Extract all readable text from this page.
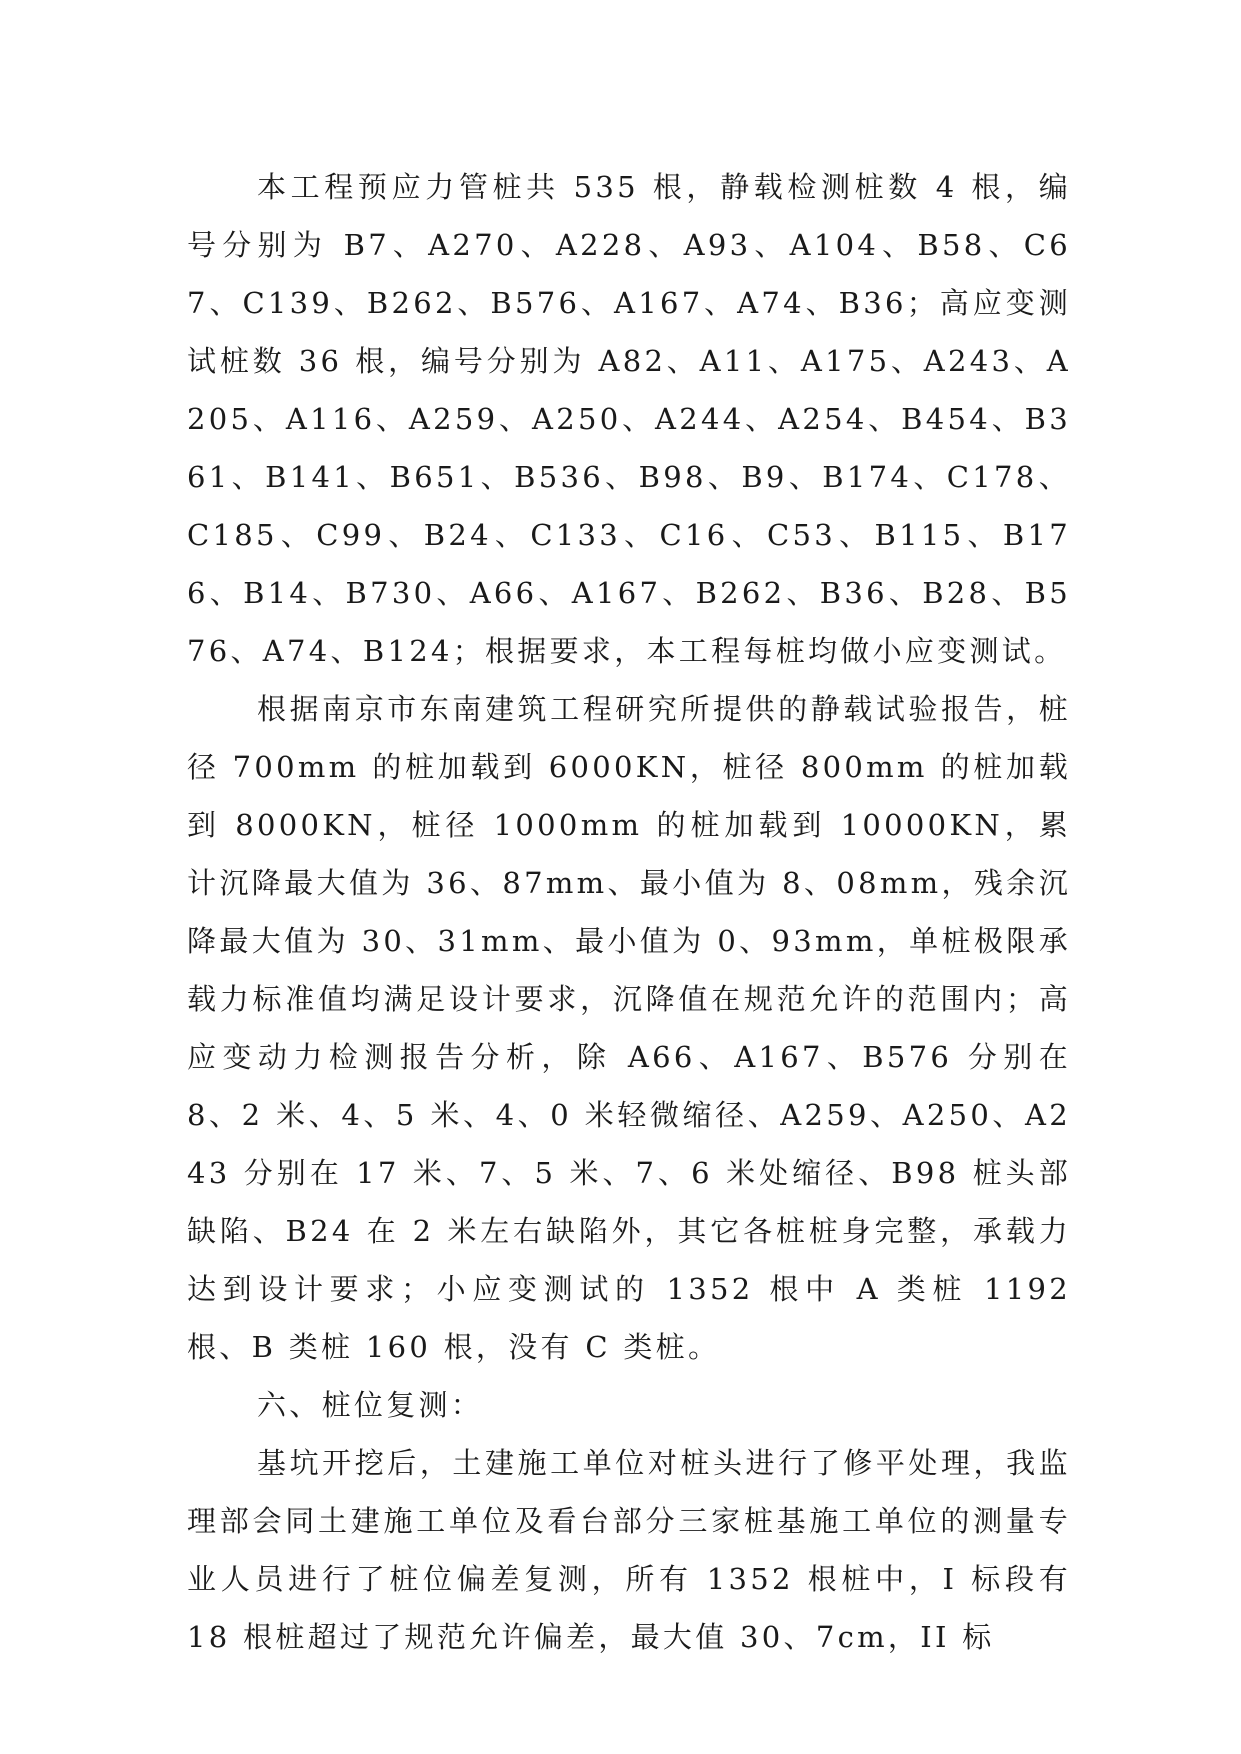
本工程预应力管桩共 535 根，静载检测桩数 4 根，编号分别为 B7、A270、A228、A93、A104、B58、C67、C139、B262、B576、A167、A74、B36；高应变测试桩数 36 根，编号分别为 A82、A11、A175、A243、A205、A116、A259、A250、A244、A254、B454、B361、B141、B651、B536、B98、B9、B174、C178、C185、C99、B24、C133、C16、C53、B115、B176、B14、B730、A66、A167、B262、B36、B28、B576、A74、B124；根据要求，本工程每桩均做小应变测试。

根据南京市东南建筑工程研究所提供的静载试验报告，桩径 700mm 的桩加载到 6000KN，桩径 800mm 的桩加载到 8000KN，桩径 1000mm 的桩加载到 10000KN，累计沉降最大值为 36、87mm、最小值为 8、08mm，残余沉降最大值为 30、31mm、最小值为 0、93mm，单桩极限承载力标准值均满足设计要求，沉降值在规范允许的范围内；高应变动力检测报告分析，除 A66、A167、B576 分别在 8、2 米、4、5 米、4、0 米轻微缩径、A259、A250、A243 分别在 17 米、7、5 米、7、6 米处缩径、B98 桩头部缺陷、B24 在 2 米左右缺陷外，其它各桩桩身完整，承载力达到设计要求；小应变测试的 1352 根中 A 类桩 1192 根、B 类桩 160 根，没有 C 类桩。

六、桩位复测：

基坑开挖后，土建施工单位对桩头进行了修平处理，我监理部会同土建施工单位及看台部分三家桩基施工单位的测量专业人员进行了桩位偏差复测，所有 1352 根桩中，I 标段有 18 根桩超过了规范允许偏差，最大值 30、7cm，II 标
